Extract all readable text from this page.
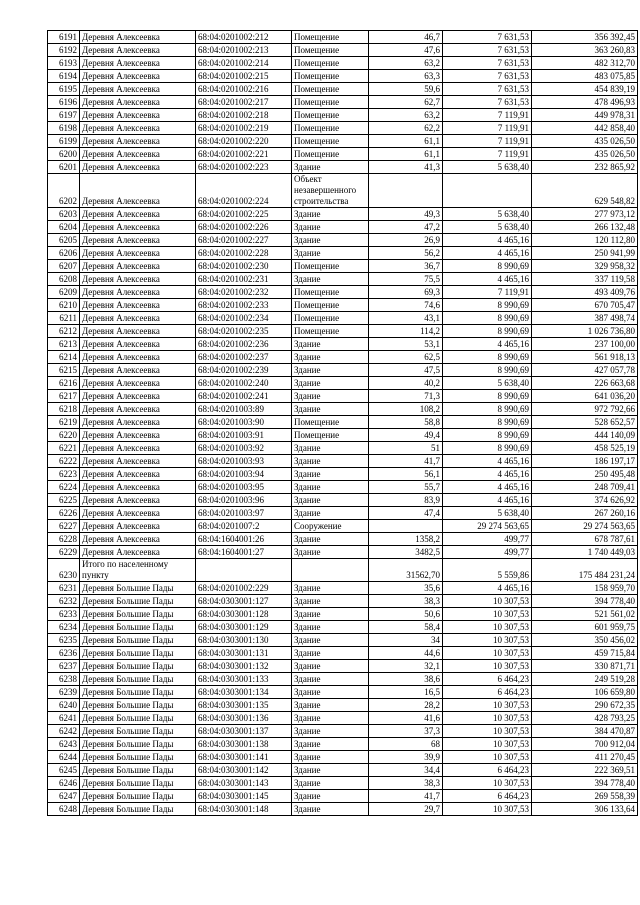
6191	Деревня Алексеевка	68:04:0201002:212	Помещение	46,7	7 631,53	356 392,45
6192	Деревня Алексеевка	68:04:0201002:213	Помещение	47,6	7 631,53	363 260,83
6193	Деревня Алексеевка	68:04:0201002:214	Помещение	63,2	7 631,53	482 312,70
6194	Деревня Алексеевка	68:04:0201002:215	Помещение	63,3	7 631,53	483 075,85
6195	Деревня Алексеевка	68:04:0201002:216	Помещение	59,6	7 631,53	454 839,19
6196	Деревня Алексеевка	68:04:0201002:217	Помещение	62,7	7 631,53	478 496,93
6197	Деревня Алексеевка	68:04:0201002:218	Помещение	63,2	7 119,91	449 978,31
6198	Деревня Алексеевка	68:04:0201002:219	Помещение	62,2	7 119,91	442 858,40
6199	Деревня Алексеевка	68:04:0201002:220	Помещение	61,1	7 119,91	435 026,50
6200	Деревня Алексеевка	68:04:0201002:221	Помещение	61,1	7 119,91	435 026,50
6201	Деревня Алексеевка	68:04:0201002:223	Здание	41,3	5 638,40	232 865,92
6202	Деревня Алексеевка	68:04:0201002:224	Объект незавершенного строительства			629 548,82
6203	Деревня Алексеевка	68:04:0201002:225	Здание	49,3	5 638,40	277 973,12
6204	Деревня Алексеевка	68:04:0201002:226	Здание	47,2	5 638,40	266 132,48
6205	Деревня Алексеевка	68:04:0201002:227	Здание	26,9	4 465,16	120 112,80
6206	Деревня Алексеевка	68:04:0201002:228	Здание	56,2	4 465,16	250 941,99
6207	Деревня Алексеевка	68:04:0201002:230	Помещение	36,7	8 990,69	329 958,32
6208	Деревня Алексеевка	68:04:0201002:231	Здание	75,5	4 465,16	337 119,58
6209	Деревня Алексеевка	68:04:0201002:232	Помещение	69,3	7 119,91	493 409,76
6210	Деревня Алексеевка	68:04:0201002:233	Помещение	74,6	8 990,69	670 705,47
6211	Деревня Алексеевка	68:04:0201002:234	Помещение	43,1	8 990,69	387 498,74
6212	Деревня Алексеевка	68:04:0201002:235	Помещение	114,2	8 990,69	1 026 736,80
6213	Деревня Алексеевка	68:04:0201002:236	Здание	53,1	4 465,16	237 100,00
6214	Деревня Алексеевка	68:04:0201002:237	Здание	62,5	8 990,69	561 918,13
6215	Деревня Алексеевка	68:04:0201002:239	Здание	47,5	8 990,69	427 057,78
6216	Деревня Алексеевка	68:04:0201002:240	Здание	40,2	5 638,40	226 663,68
6217	Деревня Алексеевка	68:04:0201002:241	Здание	71,3	8 990,69	641 036,20
6218	Деревня Алексеевка	68:04:0201003:89	Здание	108,2	8 990,69	972 792,66
6219	Деревня Алексеевка	68:04:0201003:90	Помещение	58,8	8 990,69	528 652,57
6220	Деревня Алексеевка	68:04:0201003:91	Помещение	49,4	8 990,69	444 140,09
6221	Деревня Алексеевка	68:04:0201003:92	Здание	51	8 990,69	458 525,19
6222	Деревня Алексеевка	68:04:0201003:93	Здание	41,7	4 465,16	186 197,17
6223	Деревня Алексеевка	68:04:0201003:94	Здание	56,1	4 465,16	250 495,48
6224	Деревня Алексеевка	68:04:0201003:95	Здание	55,7	4 465,16	248 709,41
6225	Деревня Алексеевка	68:04:0201003:96	Здание	83,9	4 465,16	374 626,92
6226	Деревня Алексеевка	68:04:0201003:97	Здание	47,4	5 638,40	267 260,16
6227	Деревня Алексеевка	68:04:0201007:2	Сооружение		29 274 563,65	29 274 563,65
6228	Деревня Алексеевка	68:04:1604001:26	Здание	1358,2	499,77	678 787,61
6229	Деревня Алексеевка	68:04:1604001:27	Здание	3482,5	499,77	1 740 449,03
6230	Итого по населенному пункту			31562,70	5 559,86	175 484 231,24
6231	Деревня Большие Пады	68:04:0201002:229	Здание	35,6	4 465,16	158 959,70
6232	Деревня Большие Пады	68:04:0303001:127	Здание	38,3	10 307,53	394 778,40
6233	Деревня Большие Пады	68:04:0303001:128	Здание	50,6	10 307,53	521 561,02
6234	Деревня Большие Пады	68:04:0303001:129	Здание	58,4	10 307,53	601 959,75
6235	Деревня Большие Пады	68:04:0303001:130	Здание	34	10 307,53	350 456,02
6236	Деревня Большие Пады	68:04:0303001:131	Здание	44,6	10 307,53	459 715,84
6237	Деревня Большие Пады	68:04:0303001:132	Здание	32,1	10 307,53	330 871,71
6238	Деревня Большие Пады	68:04:0303001:133	Здание	38,6	6 464,23	249 519,28
6239	Деревня Большие Пады	68:04:0303001:134	Здание	16,5	6 464,23	106 659,80
6240	Деревня Большие Пады	68:04:0303001:135	Здание	28,2	10 307,53	290 672,35
6241	Деревня Большие Пады	68:04:0303001:136	Здание	41,6	10 307,53	428 793,25
6242	Деревня Большие Пады	68:04:0303001:137	Здание	37,3	10 307,53	384 470,87
6243	Деревня Большие Пады	68:04:0303001:138	Здание	68	10 307,53	700 912,04
6244	Деревня Большие Пады	68:04:0303001:141	Здание	39,9	10 307,53	411 270,45
6245	Деревня Большие Пады	68:04:0303001:142	Здание	34,4	6 464,23	222 369,51
6246	Деревня Большие Пады	68:04:0303001:143	Здание	38,3	10 307,53	394 778,40
6247	Деревня Большие Пады	68:04:0303001:145	Здание	41,7	6 464,23	269 558,39
6248	Деревня Большие Пады	68:04:0303001:148	Здание	29,7	10 307,53	306 133,64
